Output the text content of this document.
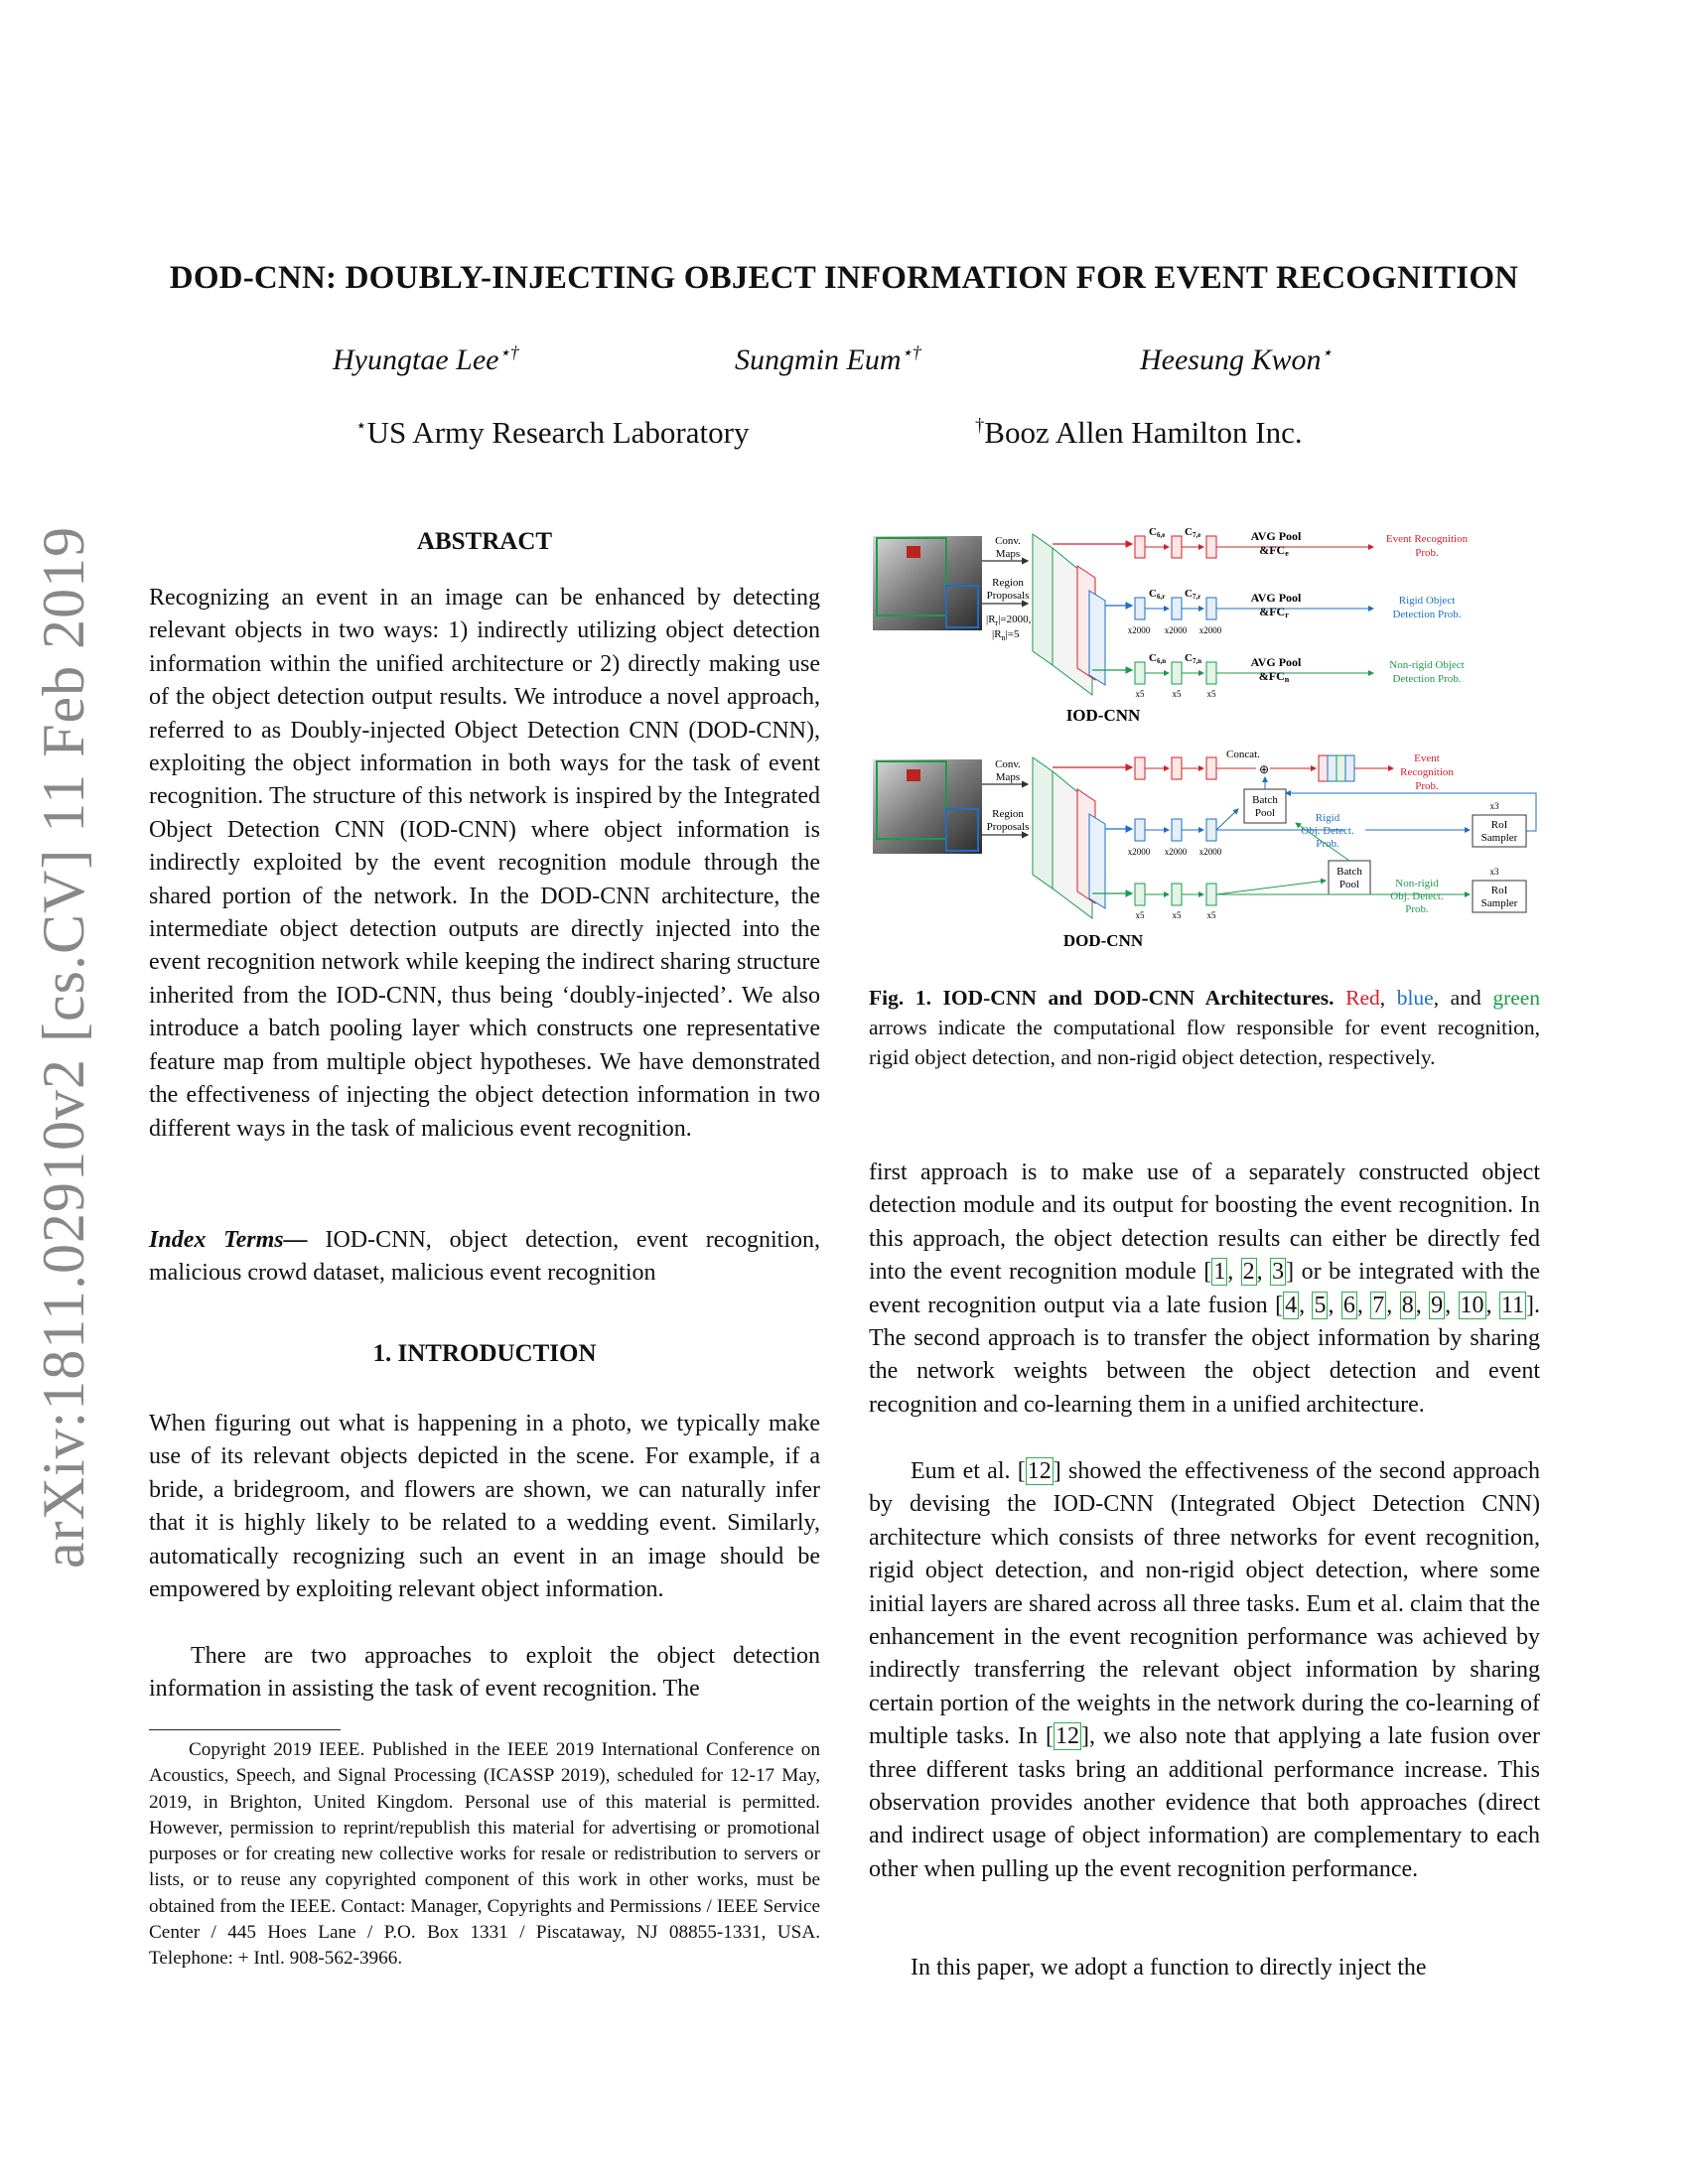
arXiv:1811.02910v2 [cs.CV] 11 Feb 2019
DOD-CNN: DOUBLY-INJECTING OBJECT INFORMATION FOR EVENT RECOGNITION
Hyungtae Lee⋆†	Sungmin Eum⋆†	Heesung Kwon⋆
⋆US Army Research Laboratory	†Booz Allen Hamilton Inc.
ABSTRACT

Recognizing an event in an image can be enhanced by detecting relevant objects in two ways: 1) indirectly utilizing object detection information within the unified architecture or 2) directly making use of the object detection output results. We introduce a novel approach, referred to as Doubly-injected Object Detection CNN (DOD-CNN), exploiting the object information in both ways for the task of event recognition. The structure of this network is inspired by the Integrated Object Detection CNN (IOD-CNN) where object information is indirectly exploited by the event recognition module through the shared portion of the network. In the DOD-CNN architecture, the intermediate object detection outputs are directly injected into the event recognition network while keeping the indirect sharing structure inherited from the IOD-CNN, thus being ‘doubly-injected’. We also introduce a batch pooling layer which constructs one representative feature map from multiple object hypotheses. We have demonstrated the effectiveness of injecting the object detection information in two different ways in the task of malicious event recognition.

Index Terms— IOD-CNN, object detection, event recognition, malicious crowd dataset, malicious event recognition

1. INTRODUCTION

When figuring out what is happening in a photo, we typically make use of its relevant objects depicted in the scene. For example, if a bride, a bridegroom, and flowers are shown, we can naturally infer that it is highly likely to be related to a wedding event. Similarly, automatically recognizing such an event in an image should be empowered by exploiting relevant object information.

There are two approaches to exploit the object detection information in assisting the task of event recognition. The

Copyright 2019 IEEE. Published in the IEEE 2019 International Conference on Acoustics, Speech, and Signal Processing (ICASSP 2019), scheduled for 12-17 May, 2019, in Brighton, United Kingdom. Personal use of this material is permitted. However, permission to reprint/republish this material for advertising or promotional purposes or for creating new collective works for resale or redistribution to servers or lists, or to reuse any copyrighted component of this work in other works, must be obtained from the IEEE. Contact: Manager, Copyrights and Permissions / IEEE Service Center / 445 Hoes Lane / P.O. Box 1331 / Piscataway, NJ 08855-1331, USA. Telephone: + Intl. 908-562-3966.

Conv.
Maps
Region
Proposals
$|R_r|=2000$,
$|R_n|=5$
C6,e C7,e	AVG Pool
&FCe
Event Recognition
Prob.
C6,r C7,r
x2000 x2000 x2000
AVG Pool
&FCr
Rigid Object
Detection Prob.
C6,n C7,n
x5	x5	x5
AVG Pool
&FCn
Non-rigid Object
Detection Prob.
IOD-CNN
Conv.
Maps
Region
Proposals
Concat.
⊕
Event
Recognition
Prob.
Batch
Pool
x2000 x2000 x2000
Rigid
Obj. Detect.
Prob.
RoI
Sampler
x3
Batch
Pool
x5	x5	x5
Non-rigid
Obj. Detect.
Prob.
RoI
Sampler
x3
DOD-CNN

Fig. 1. IOD-CNN and DOD-CNN Architectures. Red, blue, and green arrows indicate the computational flow responsible for event recognition, rigid object detection, and non-rigid object detection, respectively.

first approach is to make use of a separately constructed object detection module and its output for boosting the event recognition. In this approach, the object detection results can either be directly fed into the event recognition module [1, 2, 3] or be integrated with the event recognition output via a late fusion [4, 5, 6, 7, 8, 9, 10, 11]. The second approach is to transfer the object information by sharing the network weights between the object detection and event recognition and co-learning them in a unified architecture.

Eum et al. [12] showed the effectiveness of the second approach by devising the IOD-CNN (Integrated Object Detection CNN) architecture which consists of three networks for event recognition, rigid object detection, and non-rigid object detection, where some initial layers are shared across all three tasks. Eum et al. claim that the enhancement in the event recognition performance was achieved by indirectly transferring the relevant object information by sharing certain portion of the weights in the network during the co-learning of multiple tasks. In [12], we also note that applying a late fusion over three different tasks bring an additional performance increase. This observation provides another evidence that both approaches (direct and indirect usage of object information) are complementary to each other when pulling up the event recognition performance.

In this paper, we adopt a function to directly inject the
